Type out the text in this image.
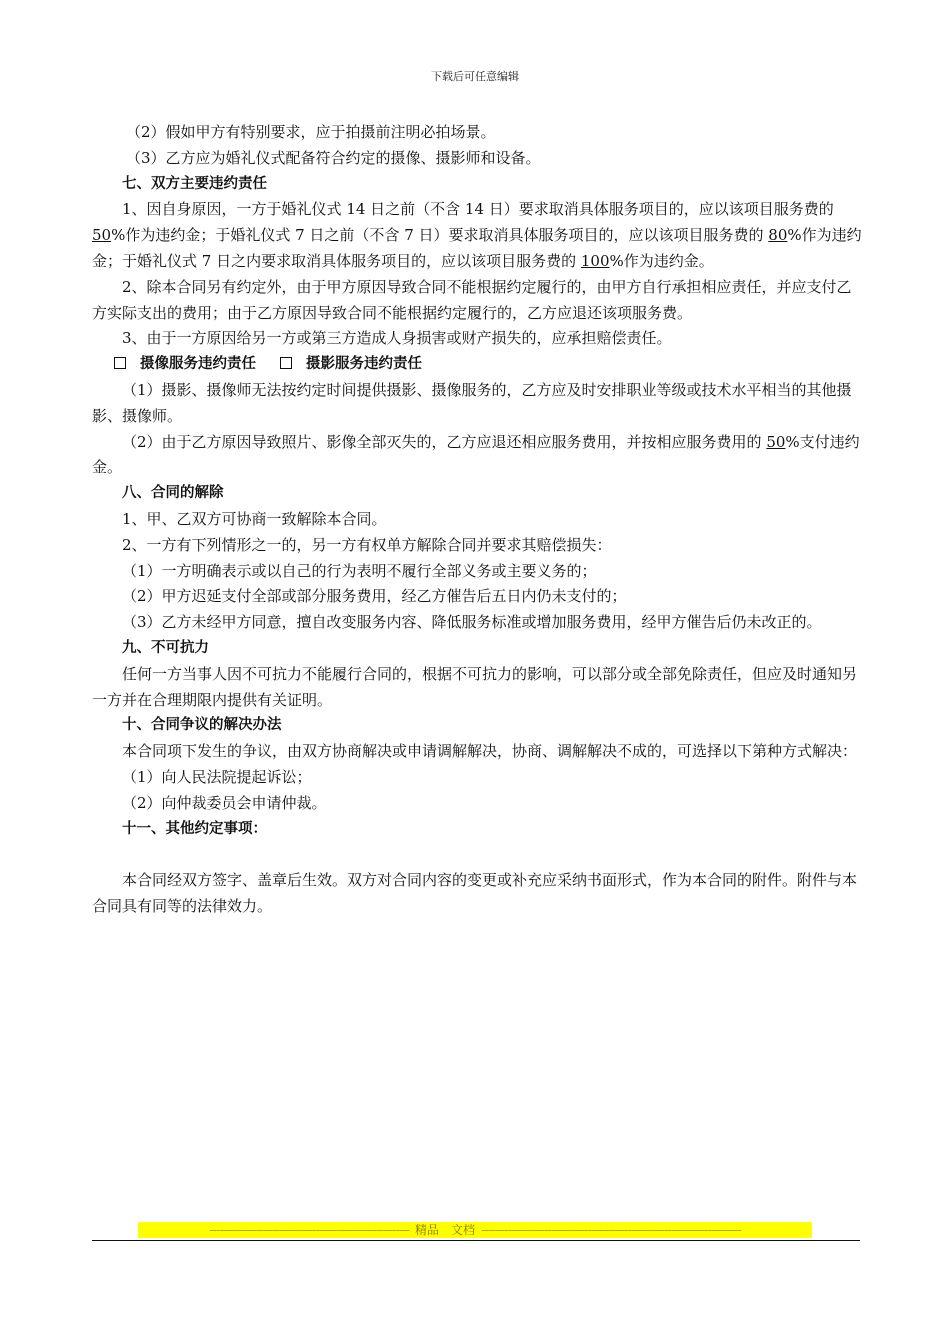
下载后可任意编辑

（2）假如甲方有特别要求，应于拍摄前注明必拍场景。

（3）乙方应为婚礼仪式配备符合约定的摄像、摄影师和设备。

七、双方主要违约责任

1、因自身原因，一方于婚礼仪式 14 日之前（不含 14 日）要求取消具体服务项目的，应以该项目服务费的 50%作为违约金；于婚礼仪式 7 日之前（不含 7 日）要求取消具体服务项目的，应以该项目服务费的 80%作为违约金；于婚礼仪式 7 日之内要求取消具体服务项目的，应以该项目服务费的 100%作为违约金。

2、除本合同另有约定外，由于甲方原因导致合同不能根据约定履行的，由甲方自行承担相应责任，并应支付乙方实际支出的费用；由于乙方原因导致合同不能根据约定履行的，乙方应退还该项服务费。

3、由于一方原因给另一方或第三方造成人身损害或财产损失的，应承担赔偿责任。

摄像服务违约责任	摄影服务违约责任

（1）摄影、摄像师无法按约定时间提供摄影、摄像服务的，乙方应及时安排职业等级或技术水平相当的其他摄影、摄像师。

（2）由于乙方原因导致照片、影像全部灭失的，乙方应退还相应服务费用，并按相应服务费用的 50%支付违约金。

八、合同的解除

1、甲、乙双方可协商一致解除本合同。

2、一方有下列情形之一的，另一方有权单方解除合同并要求其赔偿损失：

（1）一方明确表示或以自己的行为表明不履行全部义务或主要义务的；

（2）甲方迟延支付全部或部分服务费用，经乙方催告后五日内仍未支付的；

（3）乙方未经甲方同意，擅自改变服务内容、降低服务标准或增加服务费用，经甲方催告后仍未改正的。

九、不可抗力

任何一方当事人因不可抗力不能履行合同的，根据不可抗力的影响，可以部分或全部免除责任，但应及时通知另一方并在合理期限内提供有关证明。

十、合同争议的解决办法

本合同项下发生的争议，由双方协商解决或申请调解解决，协商、调解解决不成的，可选择以下第种方式解决：

（1）向人民法院提起诉讼；

（2）向仲裁委员会申请仲裁。

十一、其他约定事项：

本合同经双方签字、盖章后生效。双方对合同内容的变更或补充应采纳书面形式，作为本合同的附件。附件与本合同具有同等的法律效力。

------------------------------------------------------------ 精品 文档 ------------------------------------------------------------------------------
